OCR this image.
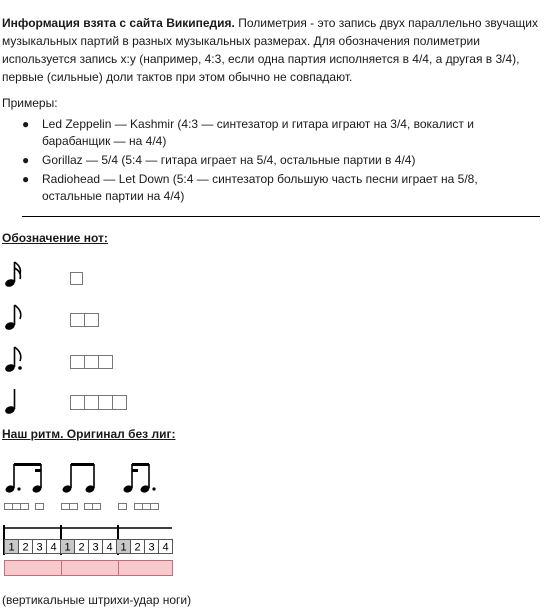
Информация взята с сайта Википедия. Полиметрия - это запись двух параллельно звучащих музыкальных партий в разных музыкальных размерах. Для обозначения полиметрии используется запись x:y (например, 4:3, если одна партия исполняется в 4/4, а другая в 3/4), первые (сильные) доли тактов при этом обычно не совпадают.
Примеры:
● Led Zeppelin — Kashmir (4:3 — синтезатор и гитара играют на 3/4, вокалист и барабанщик — на 4/4)
● Gorillaz — 5/4 (5:4 — гитара играет на 5/4, остальные партии в 4/4)
● Radiohead — Let Down (5:4 — синтезатор большую часть песни играет на 5/8, остальные партии на 4/4)
Обозначение нот:
Наш ритм. Оригинал без лиг:
1 2 3 4 1 2 3 4 1 2 3 4
(вертикальные штрихи-удар ноги)
